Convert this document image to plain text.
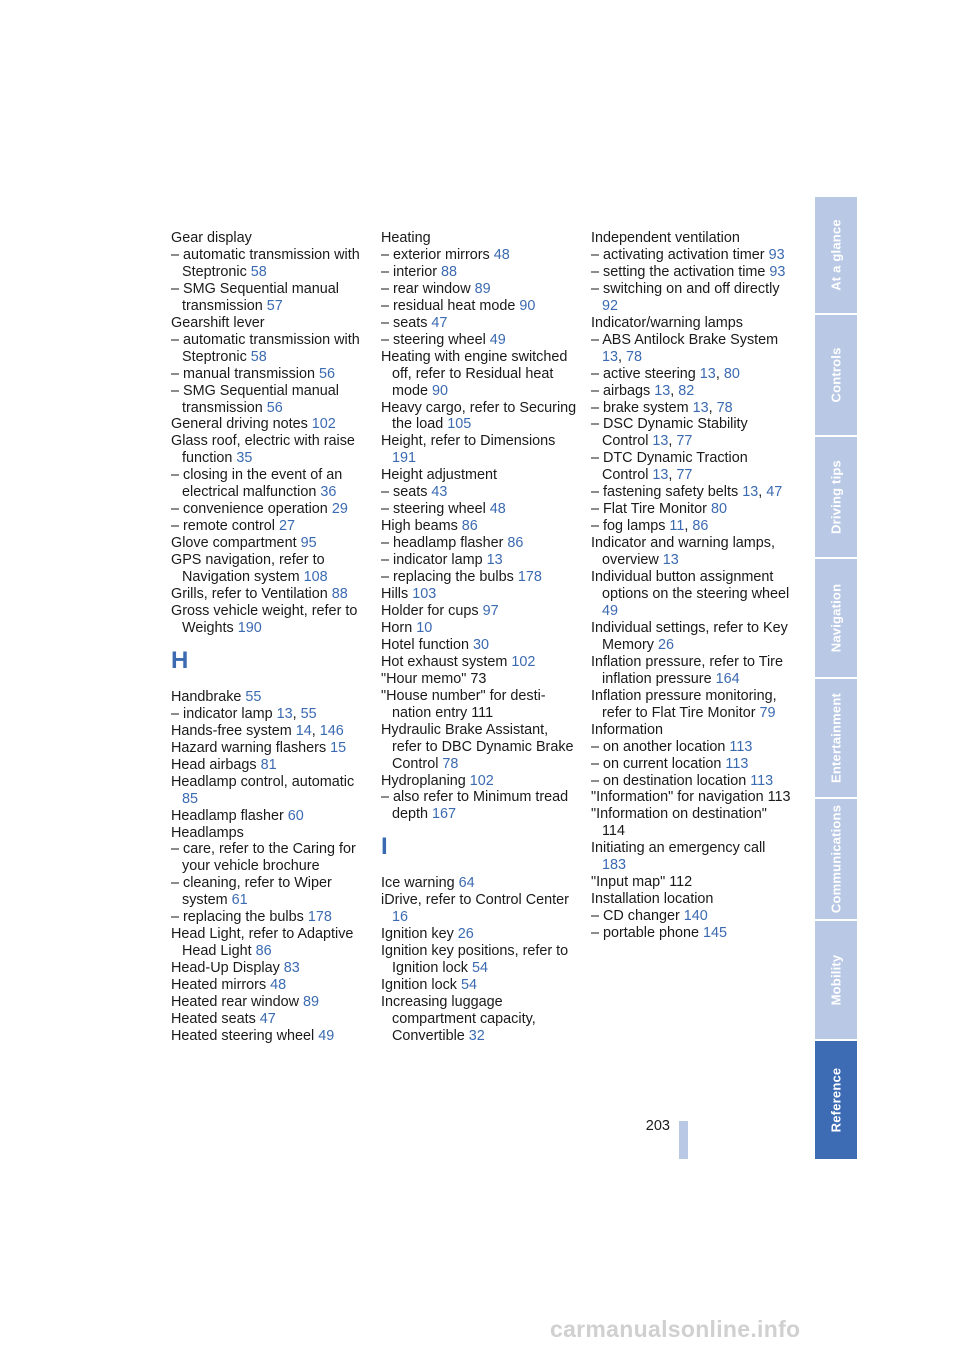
Gear display
– automatic transmission with Steptronic 58
– SMG Sequential manual transmission 57
Gearshift lever
– automatic transmission with Steptronic 58
– manual transmission 56
– SMG Sequential manual transmission 56
General driving notes 102
Glass roof, electric with raise function 35
– closing in the event of an electrical malfunction 36
– convenience operation 29
– remote control 27
Glove compartment 95
GPS navigation, refer to Navigation system 108
Grills, refer to Ventilation 88
Gross vehicle weight, refer to Weights 190
H
Handbrake 55
– indicator lamp 13, 55
Hands-free system 14, 146
Hazard warning flashers 15
Head airbags 81
Headlamp control, automatic 85
Headlamp flasher 60
Headlamps
– care, refer to the Caring for your vehicle brochure
– cleaning, refer to Wiper system 61
– replacing the bulbs 178
Head Light, refer to Adaptive Head Light 86
Head-Up Display 83
Heated mirrors 48
Heated rear window 89
Heated seats 47
Heated steering wheel 49
Heating
– exterior mirrors 48
– interior 88
– rear window 89
– residual heat mode 90
– seats 47
– steering wheel 49
Heating with engine switched off, refer to Residual heat mode 90
Heavy cargo, refer to Securing the load 105
Height, refer to Dimensions 191
Height adjustment
– seats 43
– steering wheel 48
High beams 86
– headlamp flasher 86
– indicator lamp 13
– replacing the bulbs 178
Hills 103
Holder for cups 97
Horn 10
Hotel function 30
Hot exhaust system 102
"Hour memo" 73
"House number" for desti-nation entry 111
Hydraulic Brake Assistant, refer to DBC Dynamic Brake Control 78
Hydroplaning 102
– also refer to Minimum tread depth 167
I
Ice warning 64
iDrive, refer to Control Center 16
Ignition key 26
Ignition key positions, refer to Ignition lock 54
Ignition lock 54
Increasing luggage compartment capacity, Convertible 32
Independent ventilation
– activating activation timer 93
– setting the activation time 93
– switching on and off directly 92
Indicator/warning lamps
– ABS Antilock Brake System 13, 78
– active steering 13, 80
– airbags 13, 82
– brake system 13, 78
– DSC Dynamic Stability Control 13, 77
– DTC Dynamic Traction Control 13, 77
– fastening safety belts 13, 47
– Flat Tire Monitor 80
– fog lamps 11, 86
Indicator and warning lamps, overview 13
Individual button assignment options on the steering wheel 49
Individual settings, refer to Key Memory 26
Inflation pressure, refer to Tire inflation pressure 164
Inflation pressure monitoring, refer to Flat Tire Monitor 79
Information
– on another location 113
– on current location 113
– on destination location 113
"Information" for navigation 113
"Information on destination" 114
Initiating an emergency call 183
"Input map" 112
Installation location
– CD changer 140
– portable phone 145
At a glance
Controls
Driving tips
Navigation
Entertainment
Communications
Mobility
Reference
203
carmanualsonline.info
